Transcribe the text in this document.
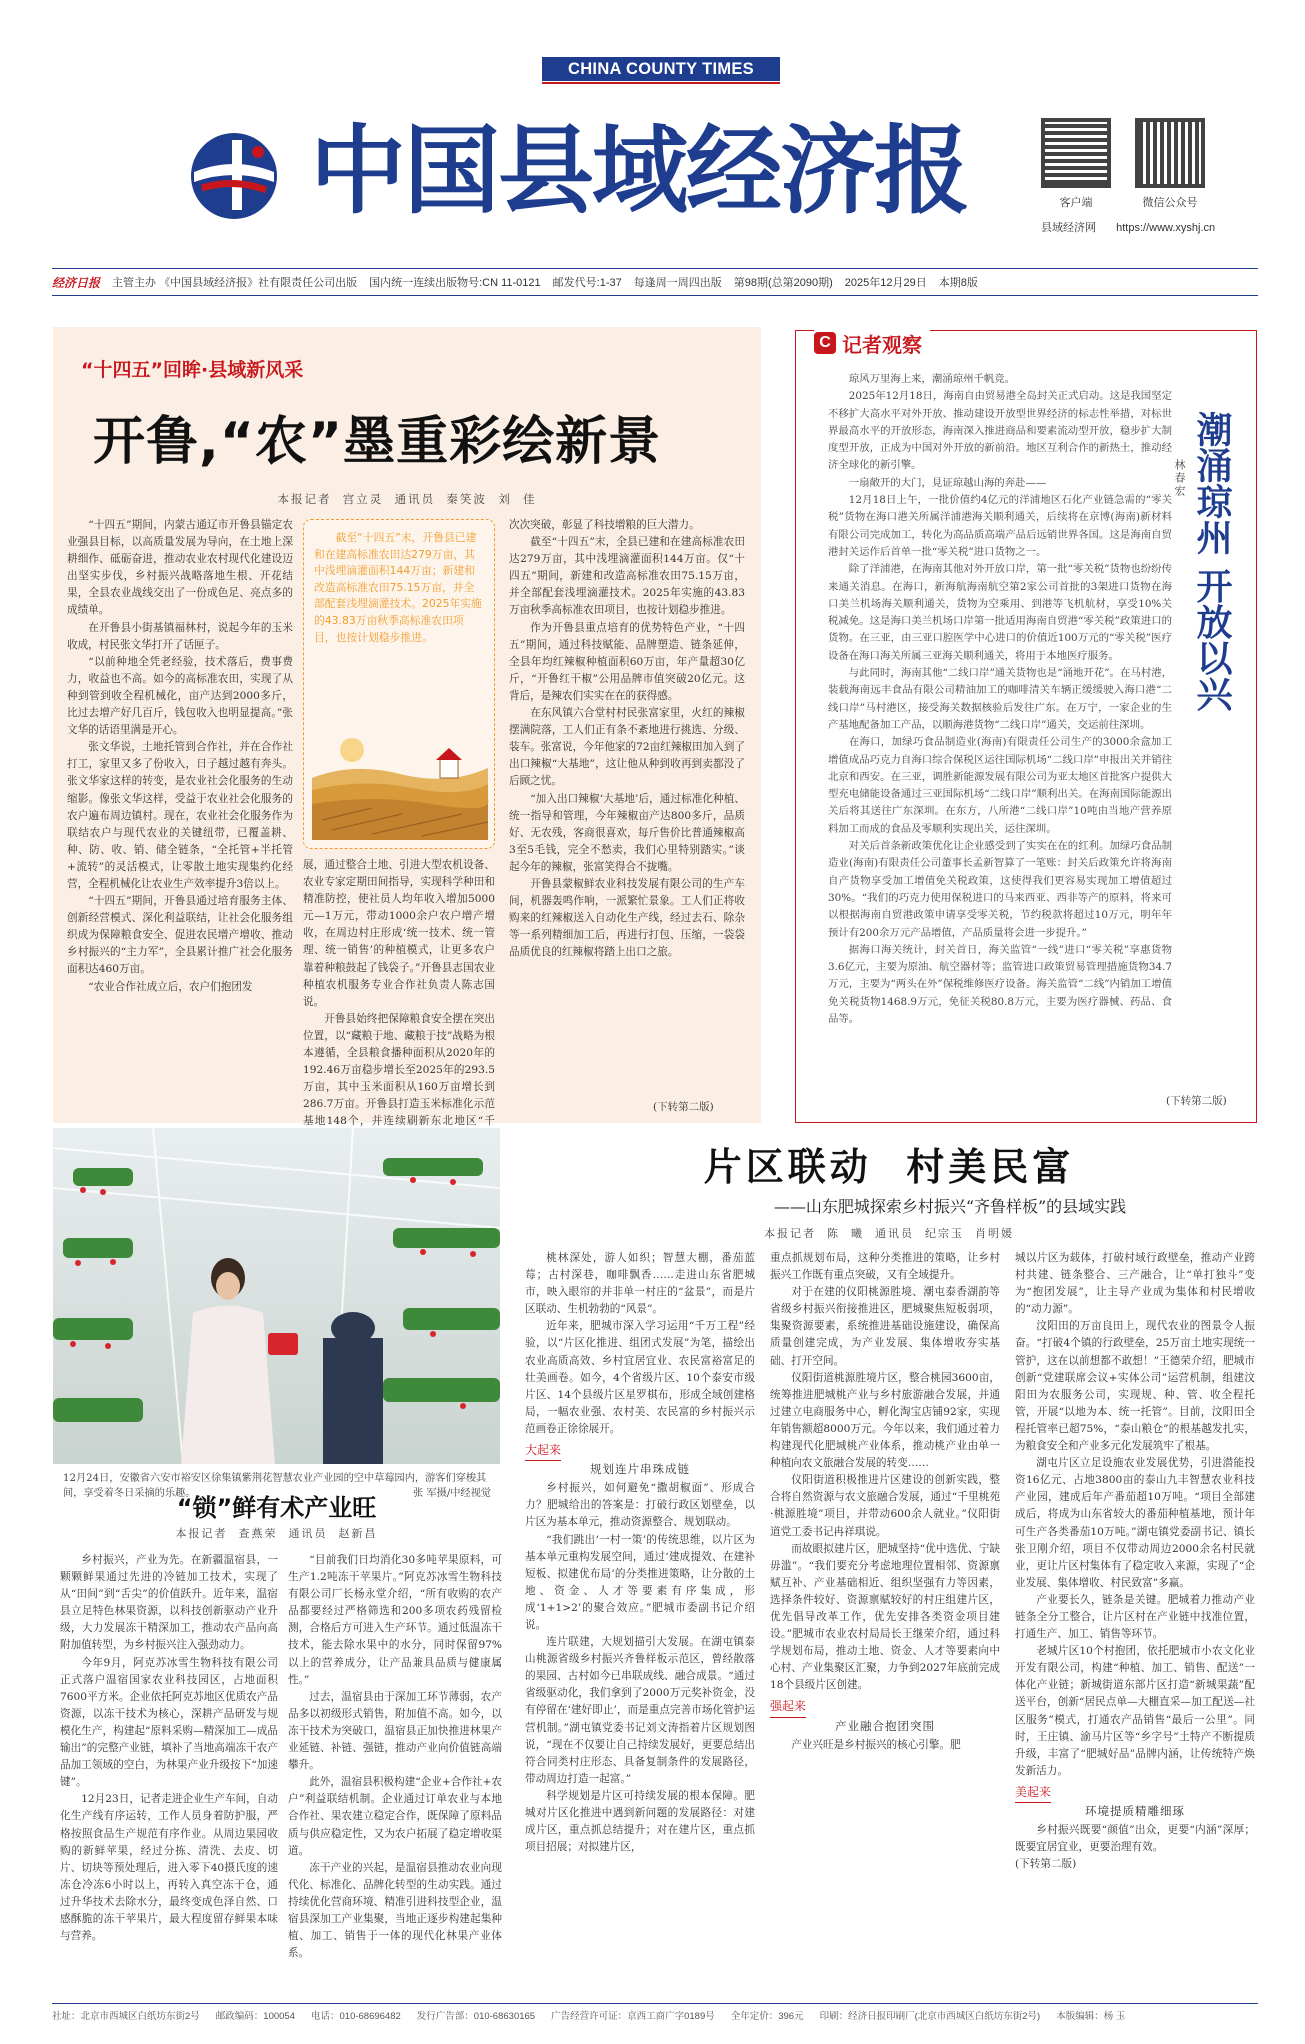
CHINA COUNTY TIMES
中国县域经济报	客户端	微信公众号
县域经济网 https://www.xyshj.cn
经济日报 主管主办 《中国县域经济报》社有限责任公司出版 国内统一连续出版物号:CN 11-0121 邮发代号:1-37 每逢周一周四出版 第98期(总第2090期) 2025年12月29日 本期8版
“十四五”回眸·县域新风采
开鲁,“农”墨重彩绘新景
本报记者  宫立灵  通讯员  秦笑波  刘  佳

“十四五”期间，内蒙古通辽市开鲁县锚定农业强县目标，以高质量发展为导向，在土地上深耕细作、砥砺奋进，推动农业农村现代化建设迈出坚实步伐，乡村振兴战略落地生根、开花结果，全县农业战线交出了一份成色足、亮点多的成绩单。

在开鲁县小街基镇福林村，说起今年的玉米收成，村民张文华打开了话匣子。

“以前种地全凭老经验，技术落后，费事费力，收益也不高。如今的高标准农田，实现了从种到管到收全程机械化，亩产达到2000多斤，比过去增产好几百斤，钱包收入也明显提高。”张文华的话语里满是开心。

张文华说，土地托管到合作社，并在合作社打工，家里又多了份收入，日子越过越有奔头。张文华家这样的转变，是农业社会化服务的生动缩影。像张文华这样，受益于农业社会化服务的农户遍布周边镇村。现在，农业社会化服务作为联结农户与现代农业的关键纽带，已覆盖耕、种、防、收、销、储全链条，“全托管+半托管+流转”的灵活模式，让零散土地实现集约化经营，全程机械化让农业生产效率提升3倍以上。

“十四五”期间，开鲁县通过培育服务主体、创新经营模式、深化利益联结，让社会化服务组织成为保障粮食安全、促进农民增产增收、推动乡村振兴的“主力军”，全县累计推广社会化服务面积达460万亩。

“农业合作社成立后，农户们抱团发

截至“十四五”末，开鲁县已建和在建高标准农田达279万亩，其中浅埋滴灌面积144万亩；新建和改造高标准农田75.15万亩，并全部配套浅埋滴灌技术。2025年实施的43.83万亩秋季高标准农田项目，也按计划稳步推进。

展，通过整合土地、引进大型农机设备、农业专家定期田间指导，实现科学种田和精准防控，使社员人均年收入增加5000元—1万元，带动1000余户农户增产增收，在周边村庄形成‘统一技术、统一管理、统一销售’的种植模式，让更多农户靠着种粮鼓起了钱袋子。”开鲁县志国农业种植农机服务专业合作社负责人陈志国说。

开鲁县始终把保障粮食安全摆在突出位置，以“藏粮于地、藏粮于技”战略为根本遵循，全县粮食播种面积从2020年的192.46万亩稳步增长至2025年的293.5万亩，其中玉米面积从160万亩增长到286.7万亩。开鲁县打造玉米标准化示范基地148个，并连续刷新东北地区“千

次次突破，彰显了科技增粮的巨大潜力。

截至“十四五”末，全县已建和在建高标准农田达279万亩，其中浅埋滴灌面积144万亩。仅“十四五”期间，新建和改造高标准农田75.15万亩，并全部配套浅埋滴灌技术。2025年实施的43.83万亩秋季高标准农田项目，也按计划稳步推进。

作为开鲁县重点培育的优势特色产业，“十四五”期间，通过科技赋能、品牌塑造、链条延伸，全县年均红辣椒种植面积60万亩，年产量超30亿斤，“开鲁红干椒”公用品牌市值突破20亿元。这背后，是辣农们实实在在的获得感。

在东风镇六合堂村村民张富家里，火红的辣椒摆满院落，工人们正有条不紊地进行挑选、分级、装车。张富说，今年他家的72亩红辣椒田加入到了出口辣椒“大基地”，这让他从种到收再到卖都没了后顾之忧。

“加入出口辣椒‘大基地’后，通过标准化种植、统一指导和管理，今年辣椒亩产达800多斤，品质好、无农残，客商很喜欢，每斤售价比普通辣椒高3至5毛钱，完全不愁卖，我们心里特别踏实。”谈起今年的辣椒，张富笑得合不拢嘴。

开鲁县蒙椒鲜农业科技发展有限公司的生产车间，机器轰鸣作响，一派繁忙景象。工人们正将收购来的红辣椒送入自动化生产线，经过去石、除杂等一系列精细加工后，再进行打包、压缩，一袋袋品质优良的红辣椒将踏上出口之旅。

(下转第二版)
C 记者观察

琼风万里海上来，潮涌琼州千帆竞。

2025年12月18日，海南自由贸易港全岛封关正式启动。这是我国坚定不移扩大高水平对外开放、推动建设开放型世界经济的标志性举措，对标世界最高水平的开放形态，海南深入推进商品和要素流动型开放，稳步扩大制度型开放，正成为中国对外开放的新前沿。地区互利合作的新热土，推动经济全球化的新引擎。

一扇敞开的大门，見证琼越山海的奔赴——

12月18日上午，一批价值约4亿元的洋浦地区石化产业链急需的“零关税”货物在海口港关所属洋浦港海关顺利通关，后续将在京博(海南)新材料有限公司完成加工，转化为高品质高端产品后远销世界各国。这是海南自贸港封关运作后首单一批“零关税”进口货物之一。

除了洋浦港，在海南其他对外开放口岸，第一批“零关税”货物也纷纷传来通关消息。在海口，新海航海南航空第2家公司首批的3架进口货物在海口美兰机场海关顺利通关，货物为空乘用、到港等飞机航材，享受10%关税减免。这是海口美兰机场口岸第一批适用海南自贸港“零关税”政策进口的货物。在三亚，由三亚口腔医学中心进口的价值近100万元的“零关税”医疗设备在海口海关所属三亚海关顺利通关，将用于本地医疗服务。

与此同时，海南其他“二线口岸”通关货物也是“涌地开花”。在马村港，装载海南远丰食品有限公司精油加工的咖啡清关车辆正缓缓驶入海口港“二线口岸”马村港区，接受海关数据核验后发往广东。在万宁，一家企业的生产基地配备加工产品，以顺海港货物“二线口岸”通关，交运前往深圳。

在海口，加绿巧食品制造业(海南)有限责任公司生产的3000余盒加工增值成品巧克力自海口综合保税区运往国际机场“二线口岸”申报出关并销往北京和西安。在三亚，调胜新能源发展有限公司为亚太地区首批客户提供大型充电储能设备通过三亚国际机场“二线口岸”顺利出关。在海南国际能源出关后将其送往广东深圳。在东方，八所港“二线口岸”10吨由当地产营养原料加工而成的食品及零顺利实现出关，运往深圳。

对关后首条新政策优化让企业感受到了实实在在的红利。加绿巧食品制造业(海南)有限责任公司董事长孟新智算了一笔账：封关后政策允许将海南自产货物享受加工增值免关税政策，这使得我们更容易实现加工增值超过30%。“我们的巧克力使用保税进口的马来西亚、西非等产的原料，将来可以根据海南自贸港政策申请享受零关税，节约税款将超过10万元，明年年预计有200余万元产品增值，产品质量将会进一步提升。”

据海口海关统计，封关首日，海关监管“一线”进口“零关税”享惠货物3.6亿元，主要为原油、航空器材等；监管进口政策贸易管理措施货物34.7万元，主要为“两头在外”保税维修医疗设备。海关监管“二线”内销加工增值免关税货物1468.9万元，免征关税80.8万元，主要为医疗器械、药品、食品等。

潮涌琼州 开放以兴
林春宏
(下转第二版)
12月24日，安徽省六安市裕安区徐集镇紫荆花智慧农业产业园的空中草莓园内，游客们穿梭其间，享受着冬日采摘的乐趣。	张 军摄/中经视觉
“锁”鲜有术产业旺
本报记者  查燕荣  通讯员  赵新昌

乡村振兴，产业为先。在新疆温宿县，一颗颗鲜果通过先进的冷链加工技术，实现了从“田间”到“舌尖”的价值跃升。近年来，温宿县立足特色林果资源，以科技创新驱动产业升级，大力发展冻干精深加工，推动农产品向高附加值转型，为乡村振兴注入强劲动力。

今年9月，阿克苏冰雪生物科技有限公司正式落户温宿国家农业科技园区，占地面积7600平方米。企业依托阿克苏地区优质农产品资源，以冻干技术为核心，深耕产品研发与规模化生产，构建起“原料采购—精深加工—成品输出”的完整产业链，填补了当地高端冻干农产品加工领域的空白，为林果产业升级按下“加速键”。

12月23日，记者走进企业生产车间，自动化生产线有序运转，工作人员身着防护服，严格按照食品生产规范有序作业。从周边果园收购的新鲜苹果，经过分拣、清洗、去皮、切片、切块等预处理后，进入零下40摄氏度的速冻仓冷冻6小时以上，再转入真空冻干仓，通过升华技术去除水分，最终变成色泽自然、口感酥脆的冻干苹果片，最大程度留存鲜果本味与营养。

“目前我们日均消化30多吨苹果原料，可生产1.2吨冻干苹果片。”阿克苏冰雪生物科技有限公司厂长杨永堂介绍，“所有收购的农产品都要经过严格筛选和200多项农药残留检测，合格后方可进入生产环节。通过低温冻干技术，能去除水果中的水分，同时保留97%以上的营养成分，让产品兼具品质与健康属性。”

过去，温宿县由于深加工环节薄弱，农产品多以初级形式销售，附加值不高。如今，以冻干技术为突破口，温宿县正加快推进林果产业延链、补链、强链，推动产业向价值链高端攀升。

此外，温宿县积极构建“企业+合作社+农户”利益联结机制。企业通过订单农业与本地合作社、果农建立稳定合作，既保障了原料品质与供应稳定性，又为农户拓展了稳定增收渠道。

冻干产业的兴起，是温宿县推动农业向现代化、标准化、品牌化转型的生动实践。通过持续优化营商环境、精准引进科技型企业，温宿县深加工产业集聚，当地正逐步构建起集种植、加工、销售于一体的现代化林果产业体系。

片区联动  村美民富
——山东肥城探索乡村振兴“齐鲁样板”的县域实践
本报记者  陈  曦  通讯员  纪宗玉  肖明媛

桃林深处，游人如织；智慧大棚，番茄蓝莓；古村深巷，咖啡飘香……走进山东省肥城市，映入眼帘的并非单一村庄的“盆景”，而是片区联动、生机勃勃的“风景”。

近年来，肥城市深入学习运用“千万工程”经验，以“片区化推进、组团式发展”为笔，描绘出农业高质高效、乡村宜居宜业、农民富裕富足的壮美画卷。如今，4个省级片区、10个泰安市级片区、14个县级片区星罗棋布，形成全域创建格局，一幅农业强、农村美、农民富的乡村振兴示范画卷正徐徐展开。

大起来
规划连片串珠成链

乡村振兴，如何避免“撒胡椒面”、形成合力？肥城给出的答案是：打破行政区划壁垒，以片区为基本单元，推动资源整合、规划联动。

“我们跳出‘一村一策’的传统思维，以片区为基本单元重构发展空间，通过‘建成提效、在建补短板、拟建优布局’的分类推进策略，让分散的土地、资金、人才等要素有序集成，形成‘1+1>2’的聚合效应。”肥城市委副书记介绍说。

连片联建，大规划描引大发展。在湖屯镇泰山桃源省级乡村振兴齐鲁样板示范区，曾经散落的果园、古村如今已串联成线、融合成景。“通过省级驱动化，我们拿到了2000万元奖补资金，没有停留在‘建好即止’，而是重点完善市场化管护运营机制。”湖屯镇党委书记刘文涛指着片区规划图说，“现在不仅要让自己持续发展好，更要总结出符合同类村庄形态、具备复制条件的发展路径，带动周边打造一起富。”

科学规划是片区可持续发展的根本保障。肥城对片区化推进中遇到新问题的发展路径：对建成片区，重点抓总结提升；对在建片区，重点抓项目招展；对拟建片区，

重点抓规划布局，这种分类推进的策略，让乡村振兴工作既有重点突破，又有全域提升。

对于在建的仪阳桃源胜境、潮屯泰香湖韵等省级乡村振兴衔接推进区，肥城聚焦短板弱项，集聚资源要素，系统推进基础设施建设，确保高质量创建完成，为产业发展、集体增收夯实基础、打开空间。

仪阳街道桃源胜境片区，整合桃园3600亩，统筹推进肥城桃产业与乡村旅游融合发展，并通过建立电商服务中心，孵化淘宝店铺92家，实现年销售额超8000万元。今年以来，我们通过着力构建现代化肥城桃产业体系，推动桃产业由单一种植向农文旅融合发展的转变……

仪阳街道积极推进片区建设的创新实践，整合将自然资源与农文旅融合发展，通过“千里桃苑·桃源胜境”项目，并带动600余人就业。”仪阳街道党工委书记冉祥琪说。

而故眼拟建片区，肥城坚持“优中选优、宁缺毋滥”。“我们要充分考虑地理位置相邻、资源禀赋互补、产业基础相近、组织坚强有力等因素，选择条件较好、资源禀赋较好的村庄组建片区，优先倡导改革工作，优先安排各类资金项目建设。”肥城市农业农村局局长王继荣介绍，通过科学规划布局，推动土地、资金、人才等要素向中心村、产业集聚区汇聚，力争到2027年底前完成18个县级片区创建。

强起来
产业融合抱团突围

产业兴旺是乡村振兴的核心引擎。肥

城以片区为载体，打破村域行政壁垒，推动产业跨村共建、链条整合、三产融合，让“单打独斗”变为“抱团发展”，让主导产业成为集体和村民增收的“动力源”。

汶阳田的万亩良田上，现代农业的图景令人振奋。“打破4个镇的行政壁垒，25万亩土地实现统一管护，这在以前想都不敢想！”王德荣介绍，肥城市创新“党建联席会议+实体公司”运营机制，组建汶阳田为农服务公司，实现规、种、管、收全程托管，开展“以地为本、统一托管”。目前，汶阳田全程托管率已超75%，“泰山粮仓”的根基越发扎实，为粮食安全和产业多元化发展筑牢了根基。

湖屯片区立足设施农业发展优势，引进潜能投资16亿元、占地3800亩的泰山九丰智慧农业科技产业园，建成后年产番茄超10万吨。“项目全部建成后，将成为山东省较大的番茄种植基地，预计年可生产各类番茄10万吨。”湖屯镇党委副书记、镇长张卫刚介绍，项目不仅带动周边2000余名村民就业，更让片区村集体有了稳定收入来源，实现了“企业发展、集体增收、村民致富”多赢。

产业要长久，链条是关键。肥城着力推动产业链条全分工整合，让片区村在产业链中找准位置，打通生产、加工、销售等环节。

老城片区10个村抱团，依托肥城市小农文化业开发有限公司，构建“种植、加工、销售、配送”一体化产业链；新城街道东部片区打造“新城果蔬”配送平台，创新“居民点单—大棚直采—加工配送—社区服务”模式，打通农产品销售“最后一公里”。同时，王庄镇、渝马片区等“乡字号”土特产不断提质升级，丰富了“肥城好品”品牌内涵，让传统特产焕发新活力。

美起来
环境提质精雕细琢

乡村振兴既要“颜值”出众，更要“内涵”深厚；既要宜居宜业，更要治理有效。

(下转第二版)
社址：北京市西城区白纸坊东街2号 邮政编码：100054 电话：010-68696482 发行广告部：010-68630165 广告经营许可证：京西工商广字0189号 全年定价：396元 印刷：经济日报印刷厂(北京市西城区白纸坊东街2号) 本版编辑：杨 玉
